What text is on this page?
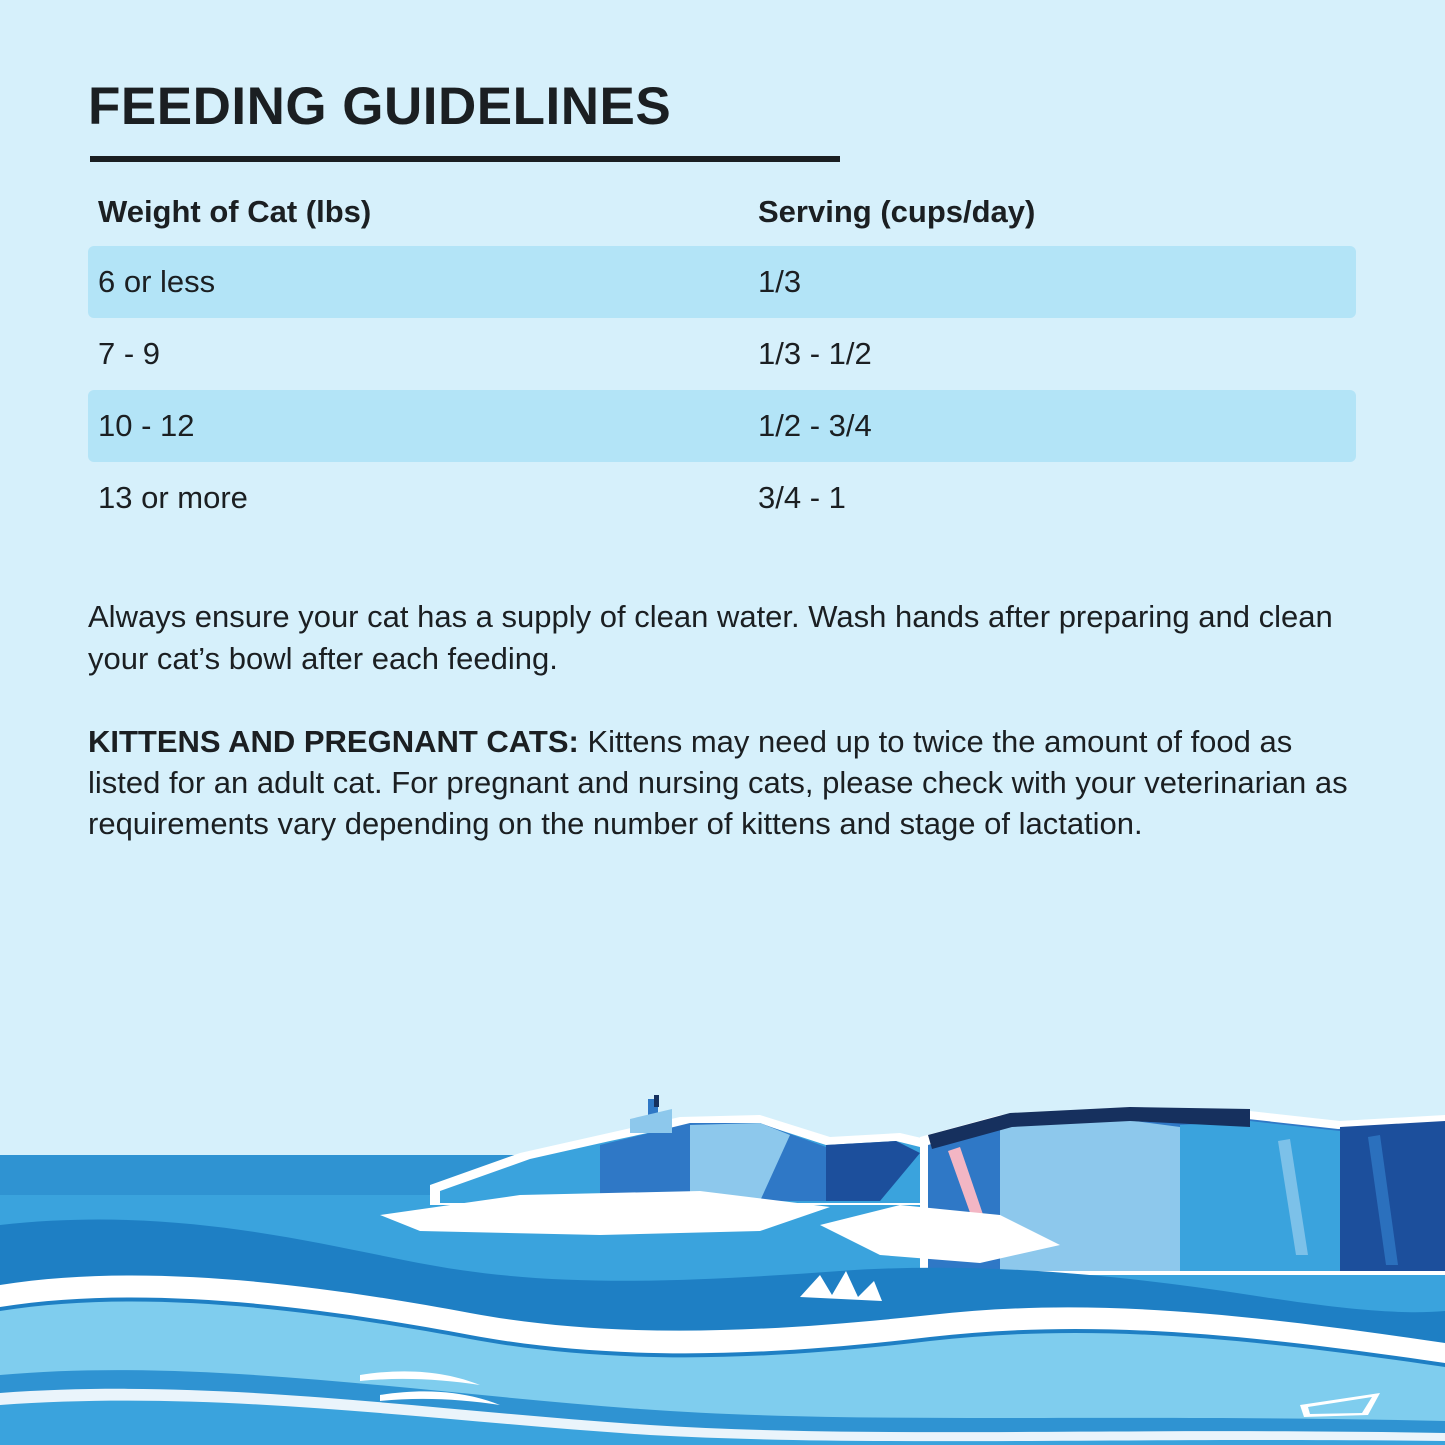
FEEDING GUIDELINES
Weight of Cat (lbs)	Serving (cups/day)
6 or less	1/3
7 - 9	1/3 - 1/2
10 - 12	1/2 - 3/4
13 or more	3/4 - 1

Always ensure your cat has a supply of clean water. Wash hands after preparing and clean your cat’s bowl after each feeding.

KITTENS AND PREGNANT CATS: Kittens may need up to twice the amount of food as listed for an adult cat. For pregnant and nursing cats, please check with your veterinarian as requirements vary depending on the number of kittens and stage of lactation.
